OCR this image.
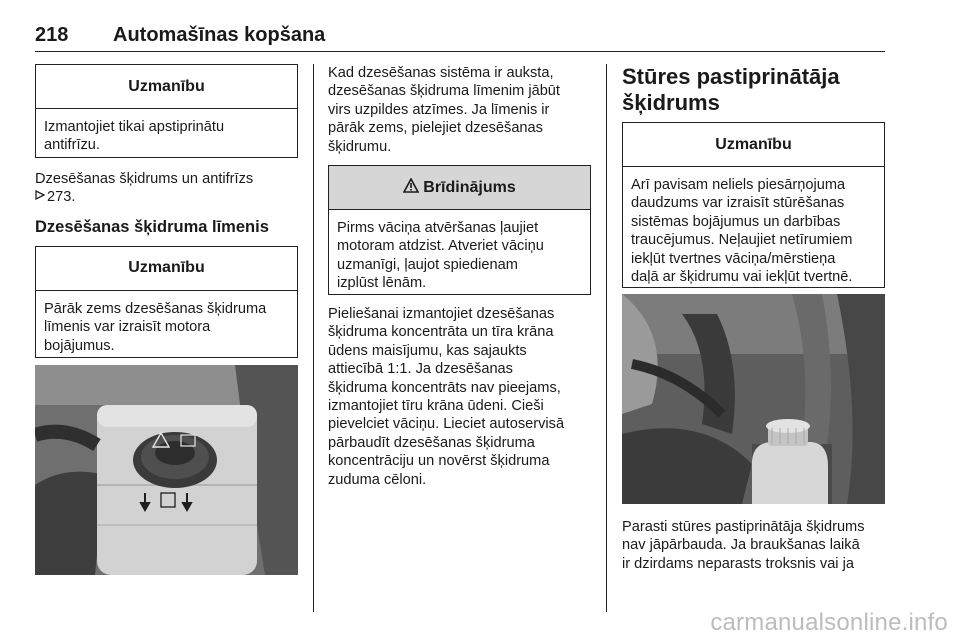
218 Automašīnas kopšana
Uzmanību
Izmantojiet tikai apstiprinātu
antifrīzu.

Dzesēšanas šķidrums un antifrīzs
273.

Dzesēšanas šķidruma līmenis
Uzmanību
Pārāk zems dzesēšanas šķidruma
līmenis var izraisīt motora
bojājumus.

Kad dzesēšanas sistēma ir auksta,
dzesēšanas šķidruma līmenim jābūt
virs uzpildes atzīmes. Ja līmenis ir
pārāk zems, pielejiet dzesēšanas
šķidrumu.

Brīdinājums
Pirms vāciņa atvēršanas ļaujiet
motoram atdzist. Atveriet vāciņu
uzmanīgi, ļaujot spiedienam
izplūst lēnām.

Pieliešanai izmantojiet dzesēšanas
šķidruma koncentrāta un tīra krāna
ūdens maisījumu, kas sajaukts
attiecībā 1:1. Ja dzesēšanas
šķidruma koncentrāts nav pieejams,
izmantojiet tīru krāna ūdeni. Cieši
pievelciet vāciņu. Lieciet autoservisā
pārbaudīt dzesēšanas šķidruma
koncentrāciju un novērst šķidruma
zuduma cēloni.

Stūres pastiprinātāja
šķidrums
Uzmanību
Arī pavisam neliels piesārņojuma
daudzums var izraisīt stūrēšanas
sistēmas bojājumus un darbības
traucējumus. Neļaujiet netīrumiem
iekļūt tvertnes vāciņa/mērstieņa
daļā ar šķidrumu vai iekļūt tvertnē.

Parasti stūres pastiprinātāja šķidrums
nav jāpārbauda. Ja braukšanas laikā
ir dzirdams neparasts troksnis vai ja

carmanualsonline.info
